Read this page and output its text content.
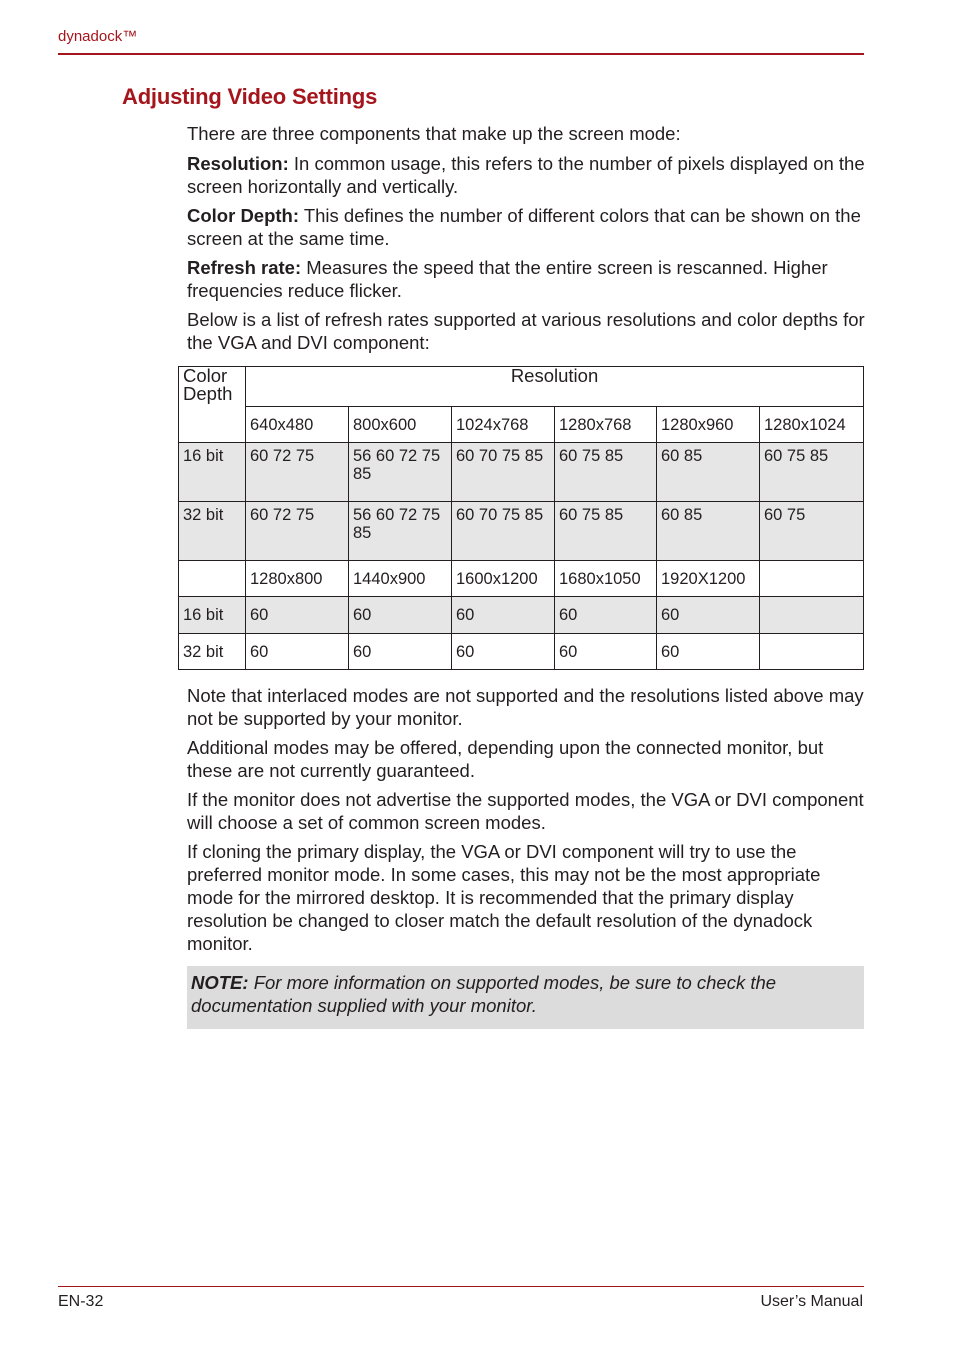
dynadock™
Adjusting Video Settings

There are three components that make up the screen mode:

Resolution: In common usage, this refers to the number of pixels displayed on the screen horizontally and vertically.

Color Depth: This defines the number of different colors that can be shown on the screen at the same time.

Refresh rate: Measures the speed that the entire screen is rescanned. Higher frequencies reduce flicker.

Below is a list of refresh rates supported at various resolutions and color depths for the VGA and DVI component:

Color Depth	Resolution					
	640x480	800x600	1024x768	1280x768	1280x960	1280x1024
16 bit	60 72 75	56 60 72 75 85	60 70 75 85	60 75 85	60 85	60 75 85
32 bit	60 72 75	56 60 72 75 85	60 70 75 85	60 75 85	60 85	60 75
	1280x800	1440x900	1600x1200	1680x1050	1920X1200	
16 bit	60	60	60	60	60	
32 bit	60	60	60	60	60	

Note that interlaced modes are not supported and the resolutions listed above may not be supported by your monitor.

Additional modes may be offered, depending upon the connected monitor, but these are not currently guaranteed.

If the monitor does not advertise the supported modes, the VGA or DVI component will choose a set of common screen modes.

If cloning the primary display, the VGA or DVI component will try to use the preferred monitor mode. In some cases, this may not be the most appropriate mode for the mirrored desktop. It is recommended that the primary display resolution be changed to closer match the default resolution of the dynadock monitor.

NOTE: For more information on supported modes, be sure to check the documentation supplied with your monitor.
EN-32	User’s Manual
